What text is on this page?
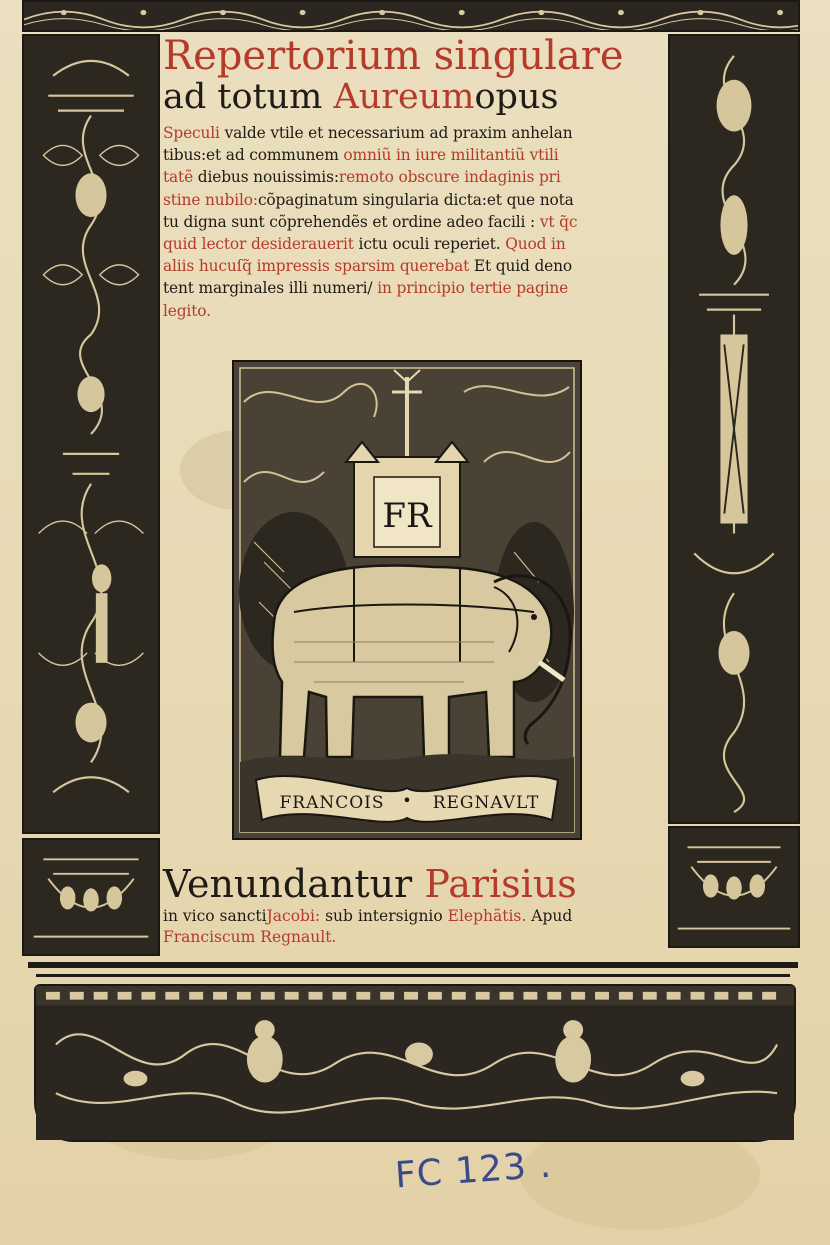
Repertorium singulare
ad totum Aureumopus
Speculi valde vtile et necessarium ad praxim anhelan
tibus:et ad communem omniũ in iure militantiũ vtili
tatẽ diebus nouissimis:remoto obscure indaginis pri
stine nubilo:cõpaginatum singularia dicta:et que nota
tu digna sunt cõprehendẽs et ordine adeo facili : vt q̃c
quid lector desiderauerit ictu oculi reperiet. Quod in
aliis hucuſq̃ impressis sparsim querebat Et quid deno
tent marginales illi numeri/ in principio tertie pagine
legito.
FR
FRANCOIS • REGNAVLT
Venundantur Parisius
in vico sanctiJacobi: sub intersignio Elephãtis. Apud
Franciscum Regnault.
FC 123 .
